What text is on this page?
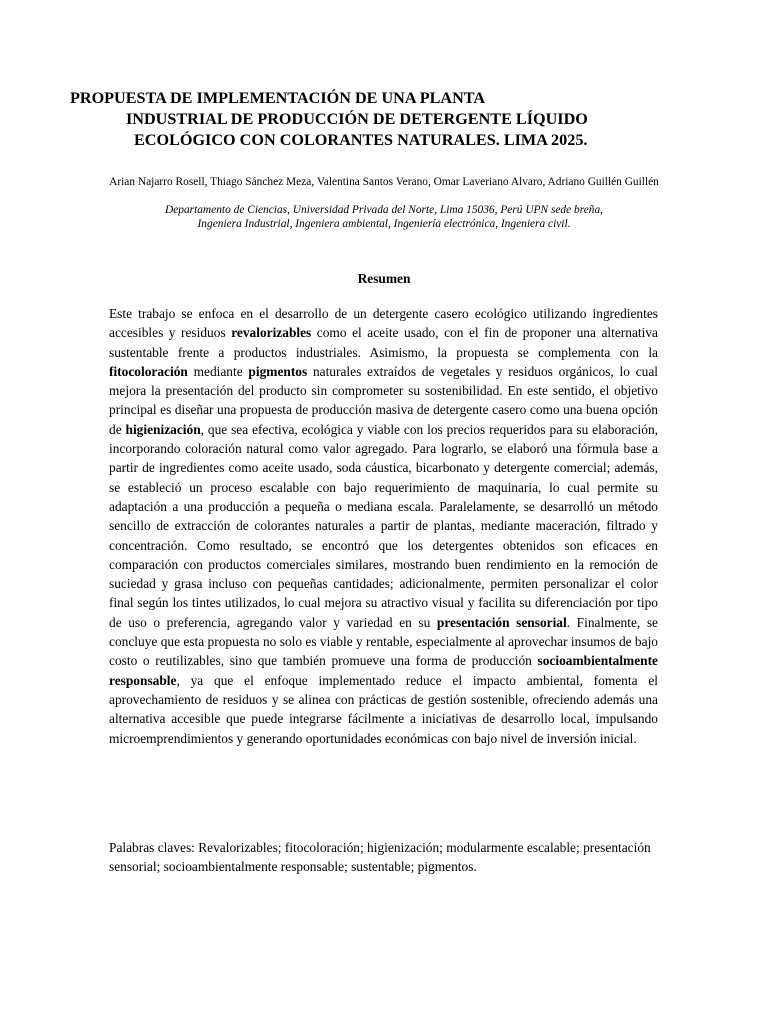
PROPUESTA DE IMPLEMENTACIÓN DE UNA PLANTA
INDUSTRIAL DE PRODUCCIÓN DE DETERGENTE LÍQUIDO
ECOLÓGICO CON COLORANTES NATURALES. LIMA 2025.
Arian Najarro Rosell, Thiago Sánchez Meza, Valentina Santos Verano, Omar Laveriano Alvaro, Adriano Guillén Guillén
Departamento de Ciencias, Universidad Privada del Norte, Lima 15036, Perú UPN sede breña,
Ingeniera Industrial, Ingeniera ambiental, Ingeniería electrónica, Ingeniera civil.
Resumen
Este trabajo se enfoca en el desarrollo de un detergente casero ecológico utilizando ingredientes accesibles y residuos revalorizables como el aceite usado, con el fin de proponer una alternativa sustentable frente a productos industriales. Asimismo, la propuesta se complementa con la fitocoloración mediante pigmentos naturales extraídos de vegetales y residuos orgánicos, lo cual mejora la presentación del producto sin comprometer su sostenibilidad. En este sentido, el objetivo principal es diseñar una propuesta de producción masiva de detergente casero como una buena opción de higienización, que sea efectiva, ecológica y viable con los precios requeridos para su elaboración, incorporando coloración natural como valor agregado. Para lograrlo, se elaboró una fórmula base a partir de ingredientes como aceite usado, soda cáustica, bicarbonato y detergente comercial; además, se estableció un proceso escalable con bajo requerimiento de maquinaria, lo cual permite su adaptación a una producción a pequeña o mediana escala. Paralelamente, se desarrolló un método sencillo de extracción de colorantes naturales a partir de plantas, mediante maceración, filtrado y concentración. Como resultado, se encontró que los detergentes obtenidos son eficaces en comparación con productos comerciales similares, mostrando buen rendimiento en la remoción de suciedad y grasa incluso con pequeñas cantidades; adicionalmente, permiten personalizar el color final según los tintes utilizados, lo cual mejora su atractivo visual y facilita su diferenciación por tipo de uso o preferencia, agregando valor y variedad en su presentación sensorial. Finalmente, se concluye que esta propuesta no solo es viable y rentable, especialmente al aprovechar insumos de bajo costo o reutilizables, sino que también promueve una forma de producción socioambientalmente responsable, ya que el enfoque implementado reduce el impacto ambiental, fomenta el aprovechamiento de residuos y se alinea con prácticas de gestión sostenible, ofreciendo además una alternativa accesible que puede integrarse fácilmente a iniciativas de desarrollo local, impulsando microemprendimientos y generando oportunidades económicas con bajo nivel de inversión inicial.
Palabras claves: Revalorizables; fitocoloración; higienización; modularmente escalable; presentación sensorial; socioambientalmente responsable; sustentable; pigmentos.
